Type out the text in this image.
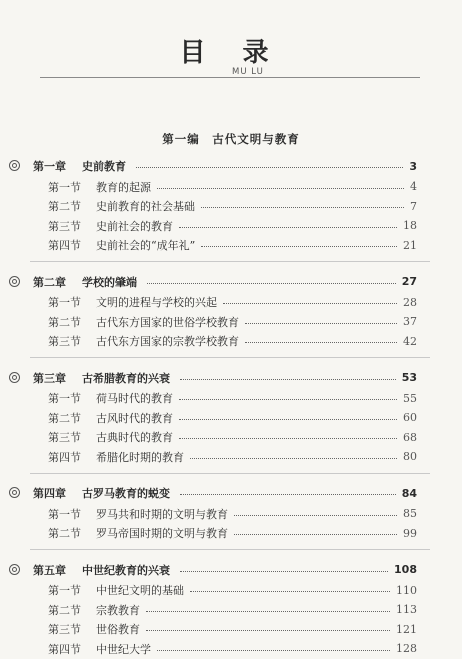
目 录
MU LU
第一编　古代文明与教育
第一章 史前教育	3
第一节 教育的起源	4
第二节 史前教育的社会基础	7
第三节 史前社会的教育	18
第四节 史前社会的“成年礼”	21
第二章 学校的肇端	27
第一节 文明的进程与学校的兴起	28
第二节 古代东方国家的世俗学校教育	37
第三节 古代东方国家的宗教学校教育	42
第三章 古希腊教育的兴衰	53
第一节 荷马时代的教育	55
第二节 古风时代的教育	60
第三节 古典时代的教育	68
第四节 希腊化时期的教育	80
第四章 古罗马教育的蜕变	84
第一节 罗马共和时期的文明与教育	85
第二节 罗马帝国时期的文明与教育	99
第五章 中世纪教育的兴衰	108
第一节 中世纪文明的基础	110
第二节 宗教教育	113
第三节 世俗教育	121
第四节 中世纪大学	128
